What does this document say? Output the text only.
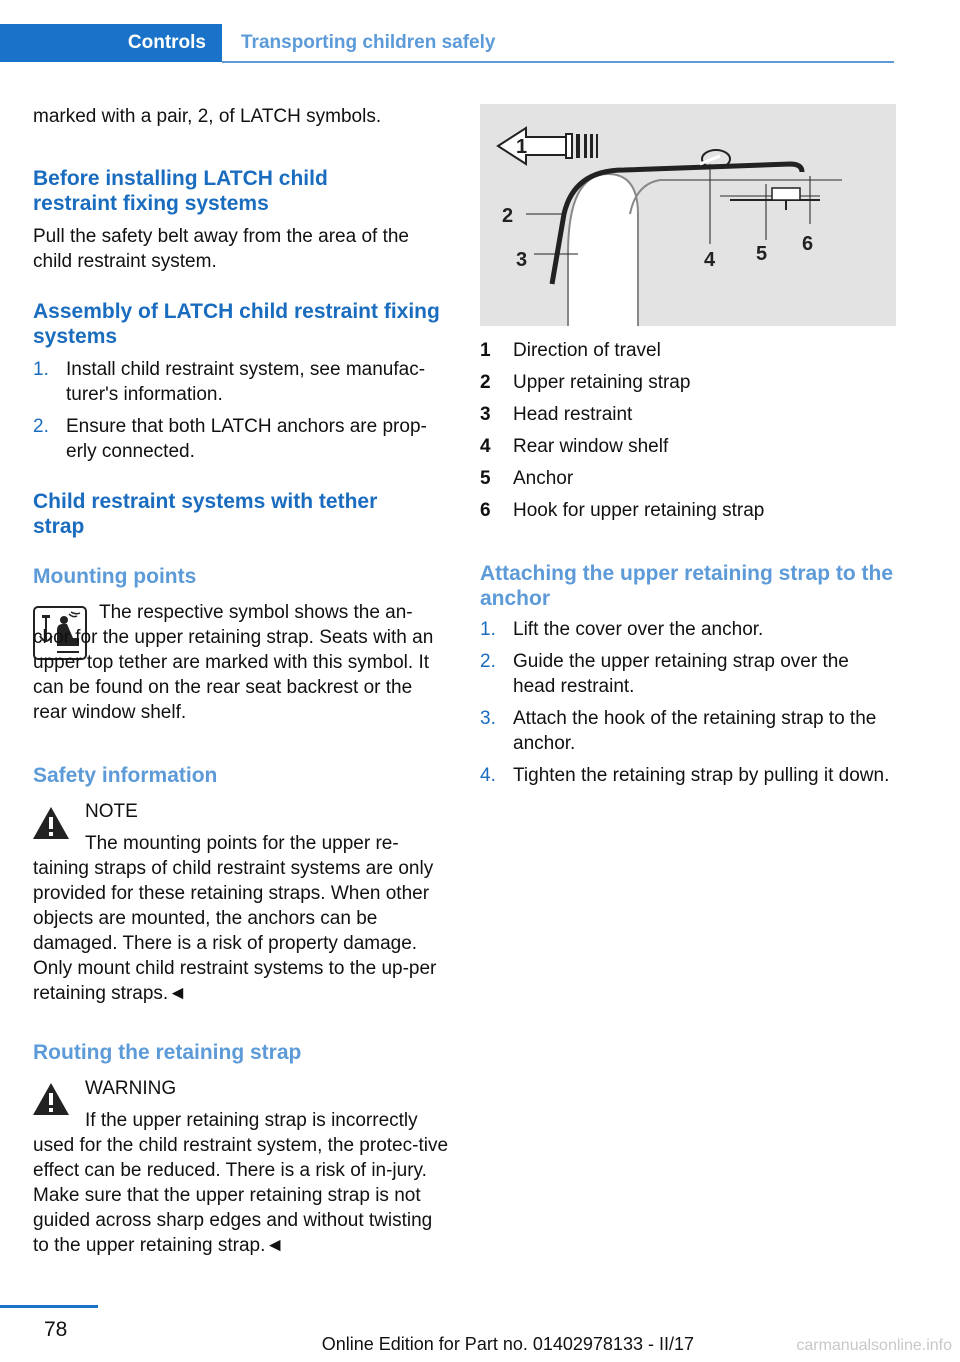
Controls Transporting children safely

marked with a pair, 2, of LATCH symbols.

Before installing LATCH child restraint fixing systems

Pull the safety belt away from the area of the child restraint system.

Assembly of LATCH child restraint fixing systems
1. Install child restraint system, see manufac‐turer's information.
2. Ensure that both LATCH anchors are prop‐erly connected.
Child restraint systems with tether strap
Mounting points

The respective symbol shows the an‐chor for the upper retaining strap. Seats with an upper top tether are marked with this symbol. It can be found on the rear seat backrest or the rear window shelf.

Safety information

NOTE

The mounting points for the upper re‐taining straps of child restraint systems are only provided for these retaining straps. When other objects are mounted, the anchors can be damaged. There is a risk of property damage. Only mount child restraint systems to the up‐per retaining straps.◄

Routing the retaining strap

WARNING

If the upper retaining strap is incorrectly used for the child restraint system, the protec‐tive effect can be reduced. There is a risk of in‐jury. Make sure that the upper retaining strap is not guided across sharp edges and without twisting to the upper retaining strap.◄

1
2
3	4 5 6
1 Direction of travel
2 Upper retaining strap
3 Head restraint
4 Rear window shelf
5 Anchor
6 Hook for upper retaining strap
Attaching the upper retaining strap to the anchor
1. Lift the cover over the anchor.
2. Guide the upper retaining strap over the head restraint.
3. Attach the hook of the retaining strap to the anchor.
4. Tighten the retaining strap by pulling it down.
78
Online Edition for Part no. 01402978133 - II/17	carmanualsonline.info
